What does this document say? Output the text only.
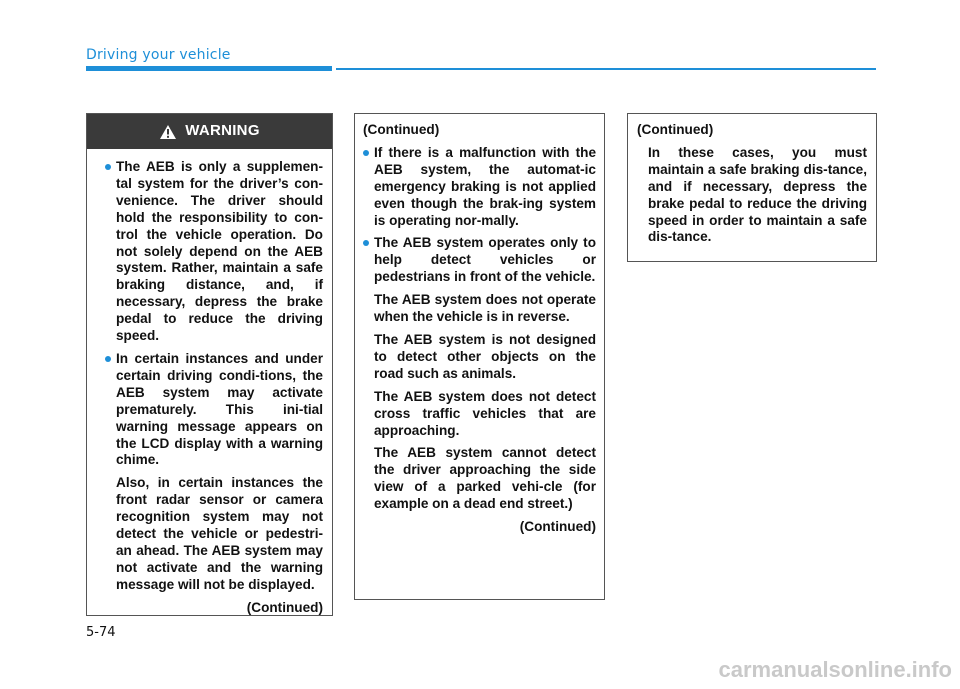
Driving your vehicle
WARNING
The AEB is only a supplemen-tal system for the driver’s con-venience. The driver should hold the responsibility to con-trol the vehicle operation. Do not solely depend on the AEB system. Rather, maintain a safe braking distance, and, if necessary, depress the brake pedal to reduce the driving speed.

In certain instances and under certain driving condi-tions, the AEB system may activate prematurely. This ini-tial warning message appears on the LCD display with a warning chime.

Also, in certain instances the front radar sensor or camera recognition system may not detect the vehicle or pedestri-an ahead. The AEB system may not activate and the warning message will not be displayed.

(Continued)

(Continued)

If there is a malfunction with the AEB system, the automat-ic emergency braking is not applied even though the brak-ing system is operating nor-mally.

The AEB system operates only to help detect vehicles or pedestrians in front of the vehicle.

The AEB system does not operate when the vehicle is in reverse.

The AEB system is not designed to detect other objects on the road such as animals.

The AEB system does not detect cross traffic vehicles that are approaching.

The AEB system cannot detect the driver approaching the side view of a parked vehi-cle (for example on a dead end street.)

(Continued)

(Continued)

In these cases, you must maintain a safe braking dis-tance, and if necessary, depress the brake pedal to reduce the driving speed in order to maintain a safe dis-tance.

5-74
carmanualsonline.info
